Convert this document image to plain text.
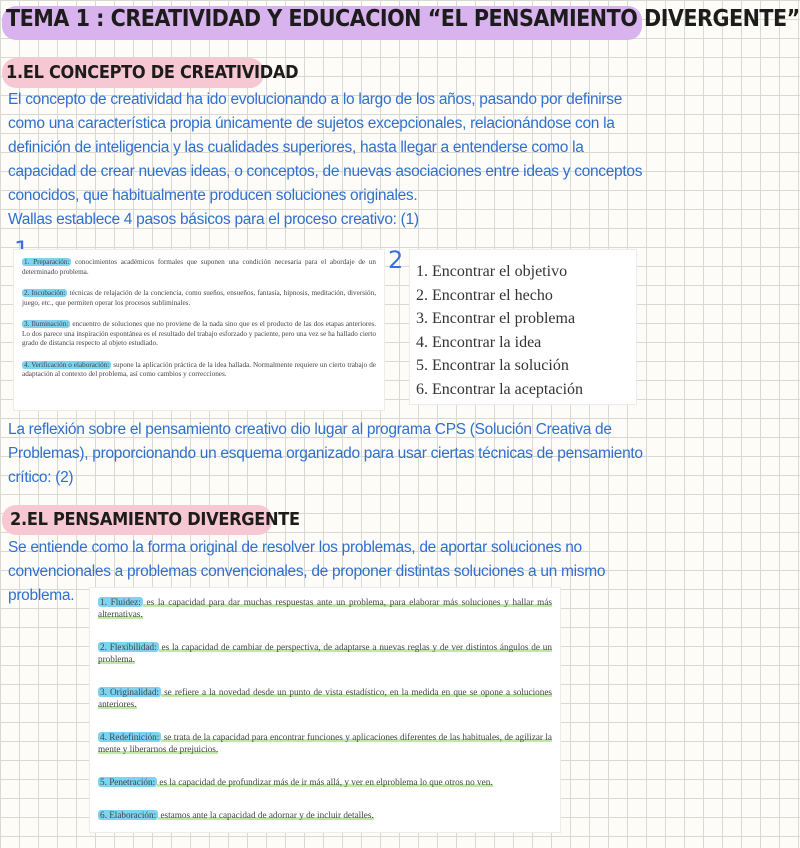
TEMA 1 : CREATIVIDAD Y EDUCACION “EL PENSAMIENTO DIVERGENTE”
1.EL CONCEPTO DE CREATIVIDAD
El concepto de creatividad ha ido evolucionando a lo largo de los años, pasando por definirse
como una característica propia únicamente de sujetos excepcionales, relacionándose con la
definición de inteligencia y las cualidades superiores, hasta llegar a entenderse como la
capacidad de crear nuevas ideas, o conceptos, de nuevas asociaciones entre ideas y conceptos
conocidos, que habitualmente producen soluciones originales.
Wallas establece 4 pasos básicos para el proceso creativo: (1)
2

1. Preparación: conocimientos académicos formales que suponen una condición necesaria para el abordaje de un determinado problema.

2. Incubación: técnicas de relajación de la conciencia, como sueños, ensueños, fantasía, hipnosis, meditación, diversión, juego, etc., que permiten operar los procesos subliminales.

3. Iluminación: encuentro de soluciones que no proviene de la nada sino que es el producto de las dos etapas anteriores. Lo dos parece una inspiración espontánea es el resultado del trabajo esforzado y paciente, pero una vez se ha hallado cierto grado de distancia respecto al objeto estudiado.

4. Verificación o elaboración: supone la aplicación práctica de la idea hallada. Normalmente requiere un cierto trabajo de adaptación al contexto del problema, así como cambios y correcciones.

1. Encontrar el objetivo
2. Encontrar el hecho
3. Encontrar el problema
4. Encontrar la idea
5. Encontrar la solución
6. Encontrar la aceptación
La reflexión sobre el pensamiento creativo dio lugar al programa CPS (Solución Creativa de
Problemas), proporcionando un esquema organizado para usar ciertas técnicas de pensamiento
crítico: (2)
2.EL PENSAMIENTO DIVERGENTE
Se entiende como la forma original de resolver los problemas, de aportar soluciones no
convencionales a problemas convencionales, de proponer distintas soluciones a un mismo
problema.	1. Fluidez: es la capacidad para dar muchas respuestas ante un problema, para elaborar más soluciones y hallar más alternativas.

2. Flexibilidad: es la capacidad de cambiar de perspectiva, de adaptarse a nuevas reglas y de ver distintos ángulos de un problema.

3. Originalidad: se refiere a la novedad desde un punto de vista estadístico, en la medida en que se opone a soluciones anteriores.

4. Redefinición: se trata de la capacidad para encontrar funciones y aplicaciones diferentes de las habituales, de agilizar la mente y liberarnos de prejuicios.

5. Penetración: es la capacidad de profundizar más de ir más allá, y ver en elproblema lo que otros no ven.

6. Elaboración: estamos ante la capacidad de adornar y de incluir detalles.
